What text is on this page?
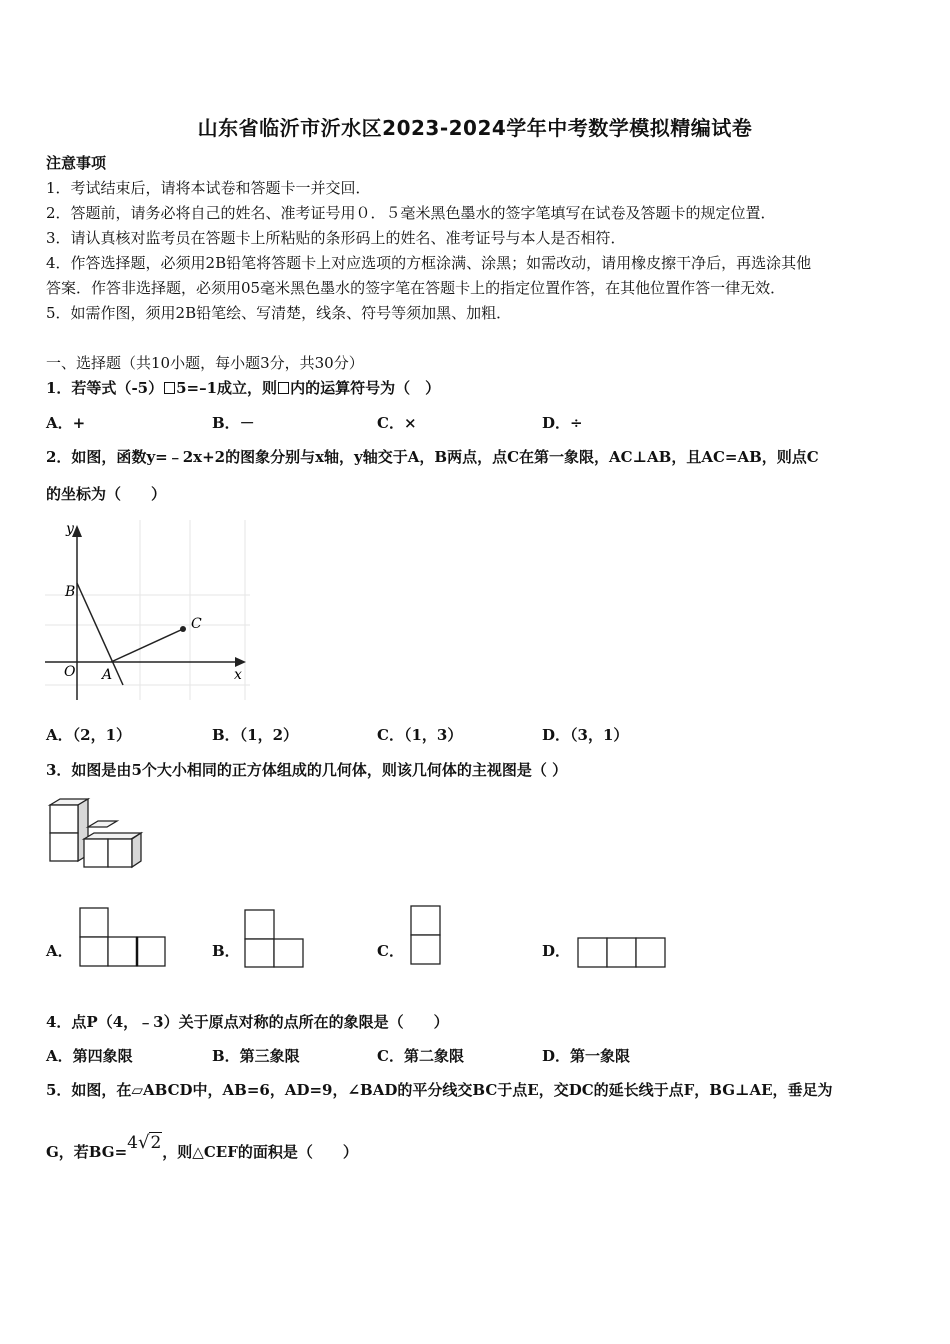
山东省临沂市沂水区2023-2024学年中考数学模拟精编试卷
注意事项
1．考试结束后，请将本试卷和答题卡一并交回．
2．答题前，请务必将自己的姓名、准考证号用０．５毫米黑色墨水的签字笔填写在试卷及答题卡的规定位置．
3．请认真核对监考员在答题卡上所粘贴的条形码上的姓名、准考证号与本人是否相符．
4．作答选择题，必须用2B铅笔将答题卡上对应选项的方框涂满、涂黑；如需改动，请用橡皮擦干净后，再选涂其他
答案．作答非选择题，必须用05毫米黑色墨水的签字笔在答题卡上的指定位置作答，在其他位置作答一律无效．
5．如需作图，须用2B铅笔绘、写清楚，线条、符号等须加黑、加粗．
一、选择题（共10小题，每小题3分，共30分）
1．若等式（-5） 5=–1成立，则 内的运算符号为（　）
A．+	B．－	C．×	D．÷
2．如图，函数y=﹣2x+2的图象分别与x轴，y轴交于A，B两点，点C在第一象限，AC⊥AB，且AC=AB，则点C
的坐标为（　　）
y
x
B
C
O A
A．（2，1）	B．（1，2）	C．（1，3）	D．（3，1）
3．如图是由5个大小相同的正方体组成的几何体，则该几何体的主视图是（ ）
A．	B．	C．	D．
4．点P（4，﹣3）关于原点对称的点所在的象限是（　　）
A．第四象限	B．第三象限	C．第二象限	D．第一象限
5．如图，在▱ABCD中，AB=6，AD=9，∠BAD的平分线交BC于点E，交DC的延长线于点F，BG⊥AE，垂足为
G，若BG=4√2，则△CEF的面积是（　　）
